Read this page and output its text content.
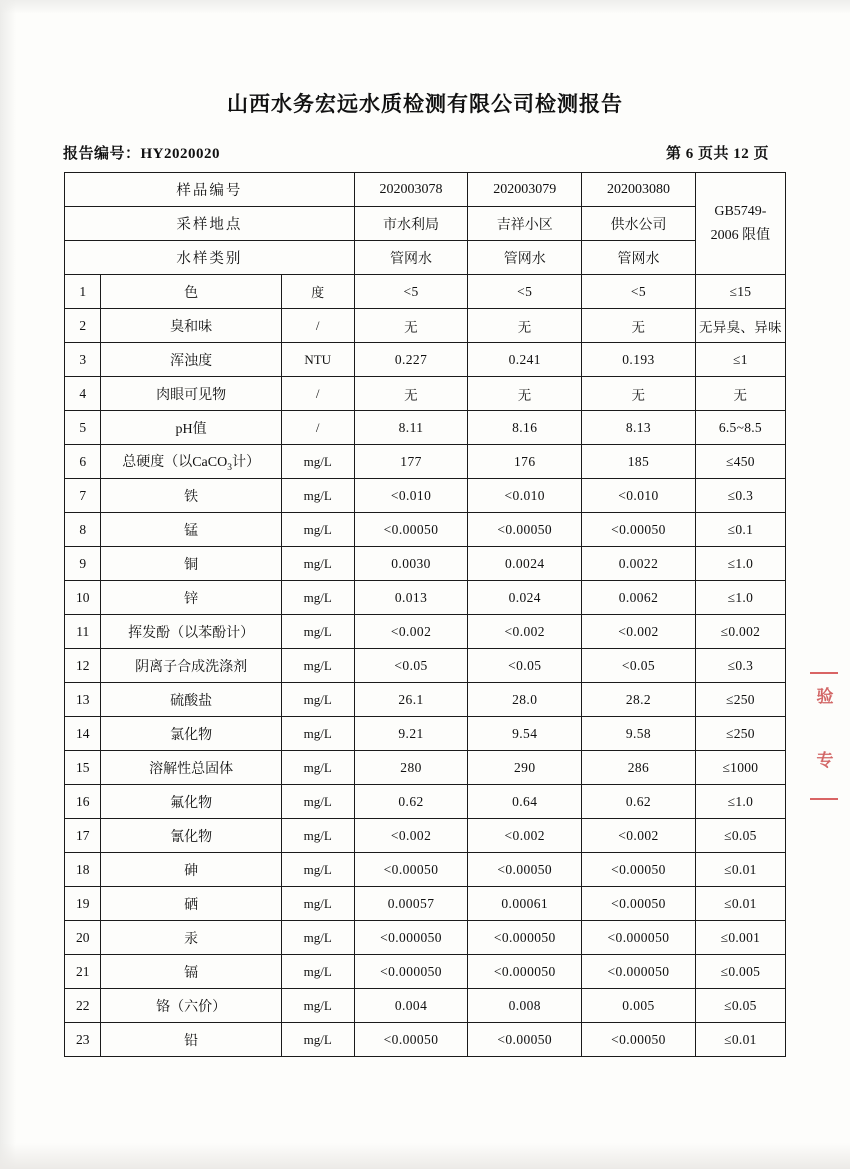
山西水务宏远水质检测有限公司检测报告
报告编号：HY2020020	第 6 页共 12 页
样品编号			202003078	202003079	202003080	GB5749-
2006 限值

采样地点			市水利局	吉祥小区	供水公司	
水样类别			管网水	管网水	管网水	
1	色	度	<5	<5	<5	≤15
2	臭和味	/	无	无	无	无异臭、异味
3	浑浊度	NTU	0.227	0.241	0.193	≤1
4	肉眼可见物	/	无	无	无	无
5	pH值	/	8.11	8.16	8.13	6.5~8.5
6	总硬度（以CaCO$_3$计）	mg/L	177	176	185	≤450
7	铁	mg/L	<0.010	<0.010	<0.010	≤0.3
8	锰	mg/L	<0.00050	<0.00050	<0.00050	≤0.1
9	铜	mg/L	0.0030	0.0024	0.0022	≤1.0
10	锌	mg/L	0.013	0.024	0.0062	≤1.0
11	挥发酚（以苯酚计）	mg/L	<0.002	<0.002	<0.002	≤0.002
12	阴离子合成洗涤剂	mg/L	<0.05	<0.05	<0.05	≤0.3
13	硫酸盐	mg/L	26.1	28.0	28.2	≤250
14	氯化物	mg/L	9.21	9.54	9.58	≤250
15	溶解性总固体	mg/L	280	290	286	≤1000
16	氟化物	mg/L	0.62	0.64	0.62	≤1.0
17	氰化物	mg/L	<0.002	<0.002	<0.002	≤0.05
18	砷	mg/L	<0.00050	<0.00050	<0.00050	≤0.01
19	硒	mg/L	0.00057	0.00061	<0.00050	≤0.01
20	汞	mg/L	<0.000050	<0.000050	<0.000050	≤0.001
21	镉	mg/L	<0.000050	<0.000050	<0.000050	≤0.005
22	铬（六价）	mg/L	0.004	0.008	0.005	≤0.05
23	铅	mg/L	<0.00050	<0.00050	<0.00050	≤0.01
验
专
